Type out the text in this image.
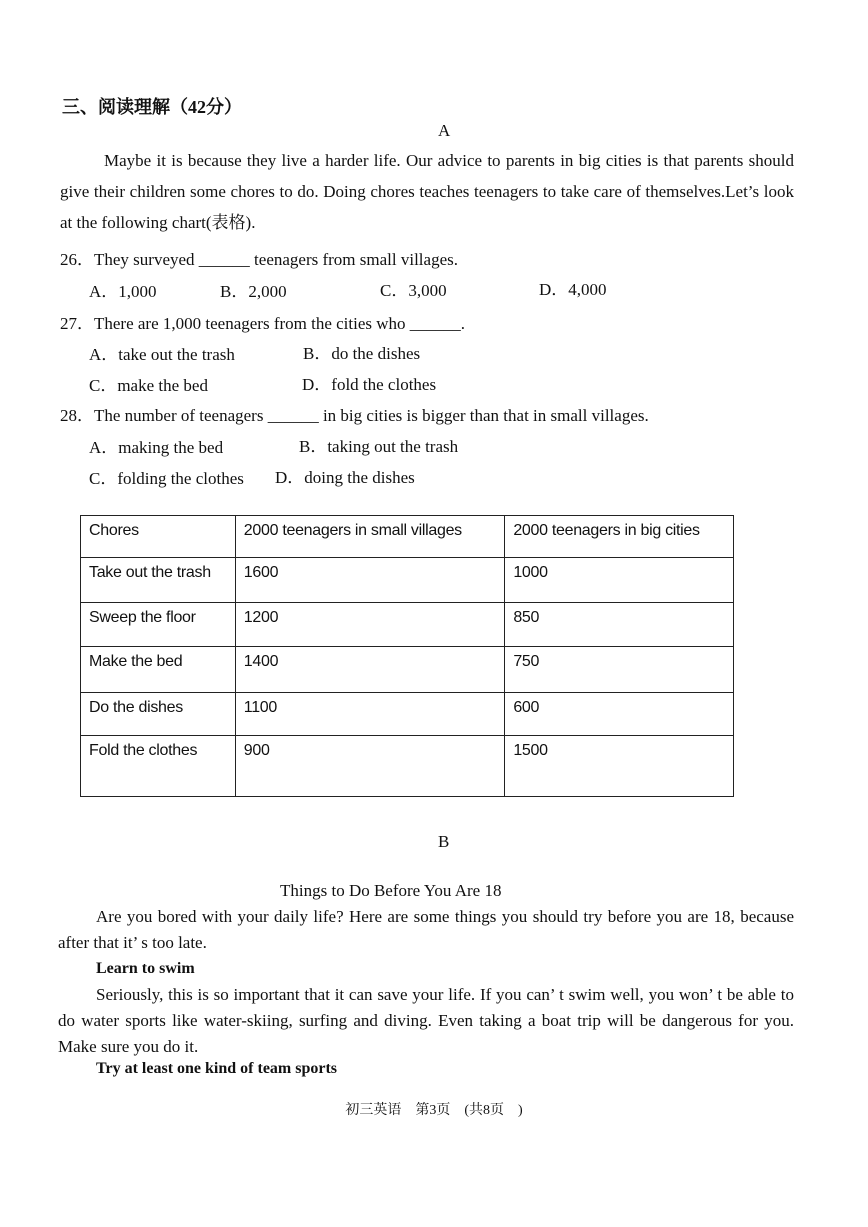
三、阅读理解（42分）
A
Maybe it is because they live a harder life. Our advice to parents in big cities is that parents should give their children some chores to do. Doing chores teaches teenagers to take care of themselves.Let’s look at the following chart(表格).
26．They surveyed ______ teenagers from small villages.
A．1,000	B．2,000	C．3,000	D．4,000
27．There are 1,000 teenagers from the cities who ______.
A．take out the trash	B．do the dishes
C．make the bed	D．fold the clothes
28．The number of teenagers ______ in big cities is bigger than that in small villages.
A．making the bed	B．taking out the trash
C．folding the clothes D．doing the dishes
Chores	2000 teenagers in small villages	2000 teenagers in big cities
Take out the trash	1600	1000
Sweep the floor	1200	850
Make the bed	1400	750
Do the dishes	1100	600
Fold the clothes	900	1500
B
Things to Do Before You Are 18
Are you bored with your daily life? Here are some things you should try before you are 18, because after that it’ s too late.
Learn to swim
Seriously, this is so important that it can save your life. If you can’ t swim well, you won’ t be able to do water sports like water-skiing, surfing and diving. Even taking a boat trip will be dangerous for you. Make sure you do it.
Try at least one kind of team sports
初三英语　第3页　(共8页　)
